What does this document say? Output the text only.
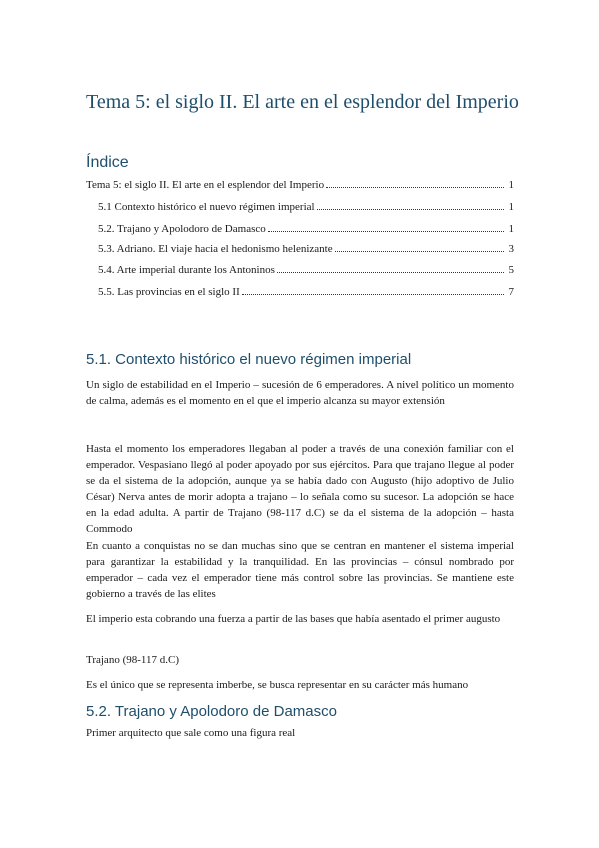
Tema 5: el siglo II. El arte en el esplendor del Imperio
Índice
Tema 5: el siglo II. El arte en el esplendor del Imperio	1
5.1 Contexto histórico el nuevo régimen imperial	1
5.2. Trajano y Apolodoro de Damasco	1
5.3. Adriano. El viaje hacia el hedonismo helenizante	3
5.4. Arte imperial durante los Antoninos	5
5.5. Las provincias en el siglo II	7
5.1. Contexto histórico el nuevo régimen imperial
Un siglo de estabilidad en el Imperio – sucesión de 6 emperadores. A nivel político un momento de calma, además es el momento en el que el imperio alcanza su mayor extensión
Hasta el momento los emperadores llegaban al poder a través de una conexión familiar con el emperador. Vespasiano llegó al poder apoyado por sus ejércitos. Para que trajano llegue al poder se da el sistema de la adopción, aunque ya se había dado con Augusto (hijo adoptivo de Julio César) Nerva antes de morir adopta a trajano – lo señala como su sucesor. La adopción se hace en la edad adulta. A partir de Trajano (98-117 d.C) se da el sistema de la adopción – hasta Commodo
En cuanto a conquistas no se dan muchas sino que se centran en mantener el sistema imperial para garantizar la estabilidad y la tranquilidad. En las provincias – cónsul nombrado por emperador – cada vez el emperador tiene más control sobre las provincias. Se mantiene este gobierno a través de las elites
El imperio esta cobrando una fuerza a partir de las bases que había asentado el primer augusto
Trajano (98-117 d.C)
Es el único que se representa imberbe, se busca representar en su carácter más humano
5.2. Trajano y Apolodoro de Damasco
Primer arquitecto que sale como una figura real
